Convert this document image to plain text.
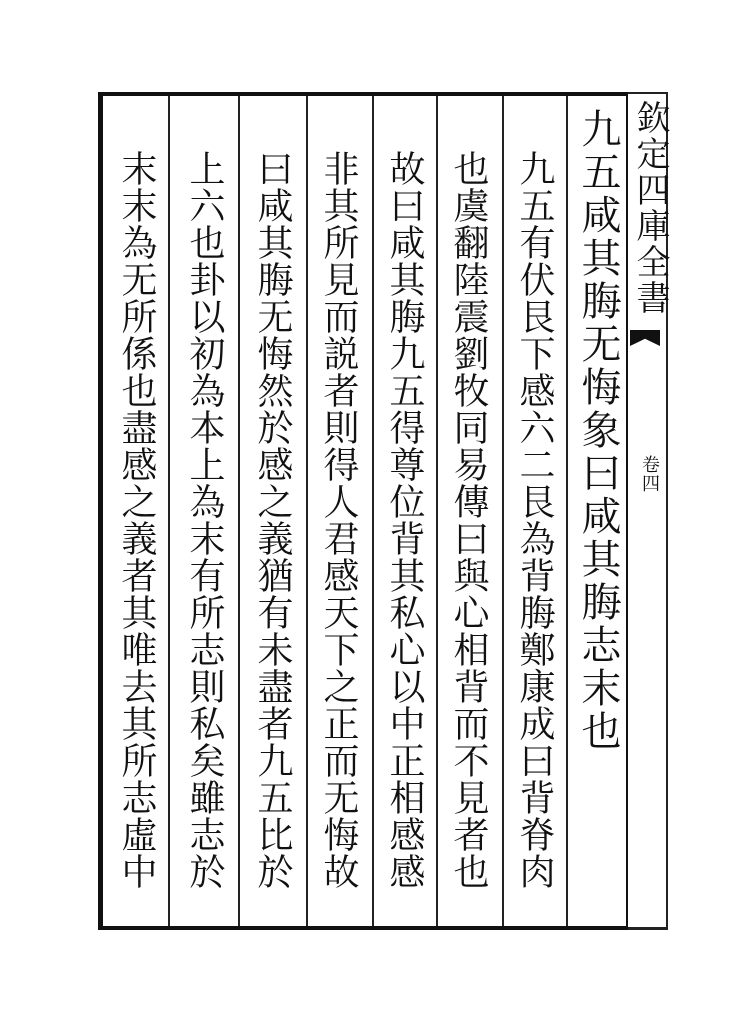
欽定四庫全書
卷四
九五咸其脢无悔象曰咸其脢志末也
九五有伏艮下感六二艮為背脢鄭康成曰背脊肉
也虞翻陸震劉牧同易傳曰與心相背而不見者也
故曰咸其脢九五得尊位背其私心以中正相感感
非其所見而説者則得人君感天下之正而无悔故
曰咸其脢无悔然於感之義猶有未盡者九五比於
上六也卦以初為本上為末有所志則私矣雖志於
末末為无所係也盡感之義者其唯去其所志虛中
